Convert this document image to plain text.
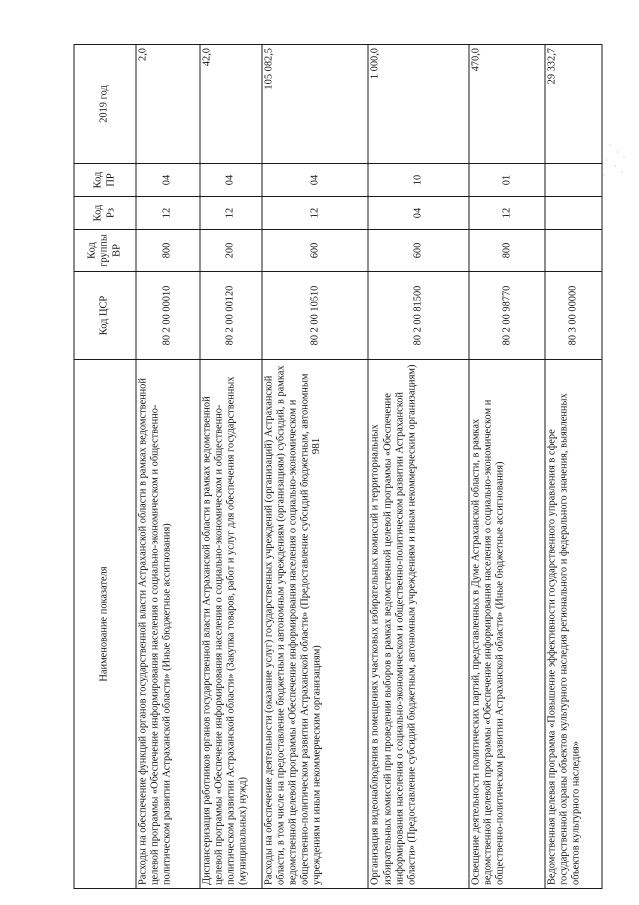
981
Наименование показателя	Код ЦСР	Код группы ВР	Код Рз	Код ПР	2019 год
Расходы на обеспечение функций органов государственной власти Астраханской области в рамках ведомственной целевой программы «Обеспечение информирования населения о социально-экономическом и общественно-политическом развитии Астраханской области» (Иные бюджетные ассигнования)	80 2 00 00010	800	12	04	2,0
Диспансеризация работников органов государственной власти Астраханской области в рамках ведомственной целевой программы «Обеспечение информирования населения о социально-экономическом и общественно-политическом развитии Астраханской области» (Закупка товаров, работ и услуг для обеспечения государственных (муниципальных) нужд)	80 2 00 00120	200	12	04	42,0
Расходы на обеспечение деятельности (оказание услуг) государственных учреждений (организаций) Астраханской области, в том числе на предоставление бюджетным и автономным учреждениям (организациям) субсидий, в рамках ведомственной целевой программы «Обеспечение информирования населения о социально-экономическом и общественно-политическом развитии Астраханской области» (Предоставление субсидий бюджетным, автономным учреждениям и иным некоммерческим организациям)	80 2 00 10510	600	12	04	105 082,5
Организация видеонаблюдения в помещениях участковых избирательных комиссий и территориальных избирательных комиссий при проведении выборов в рамках ведомственной целевой программы «Обеспечение информирования населения о социально-экономическом и общественно-политическом развитии Астраханской области» (Предоставление субсидий бюджетным, автономным учреждениям и иным некоммерческим организациям)	80 2 00 81500	600	04	10	1 000,0
Освещение деятельности политических партий, представленных в Думе Астраханской области, в рамках ведомственной целевой программы «Обеспечение информирования населения о социально-экономическом и общественно-политическом развитии Астраханской области» (Иные бюджетные ассигнования)	80 2 00 98770	800	12	01	470,0
Ведомственная целевая программа «Повышение эффективности государственного управления в сфере государственной охраны объектов культурного наследия регионального и федерального значения, выявленных объектов культурного наследия»	80 3 00 00000				29 332,7
